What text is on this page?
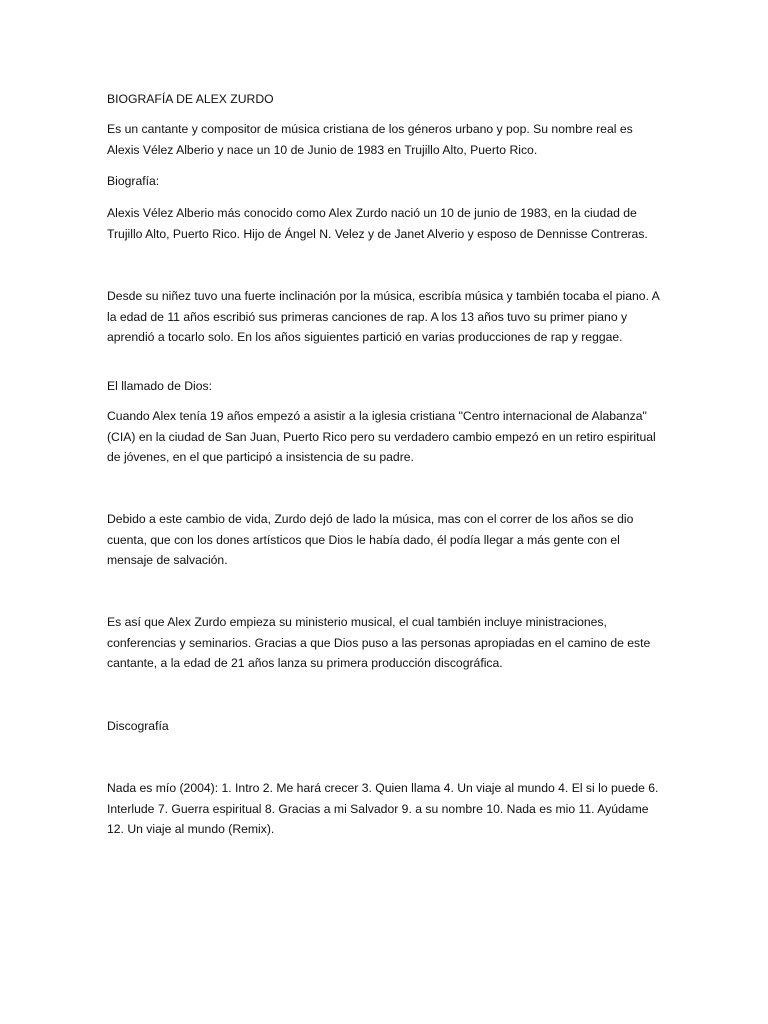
BIOGRAFÍA DE ALEX ZURDO

Es un cantante y compositor de música cristiana de los géneros urbano y pop. Su nombre real es Alexis Vélez Alberio y nace un 10 de Junio de 1983 en Trujillo Alto, Puerto Rico.

Biografía:

Alexis Vélez Alberio más conocido como Alex Zurdo nació un 10 de junio de 1983, en la ciudad de Trujillo Alto, Puerto Rico. Hijo de Ángel N. Velez y de Janet Alverio y esposo de Dennisse Contreras.

Desde su niñez tuvo una fuerte inclinación por la música, escribía música y también tocaba el piano. A la edad de 11 años escribió sus primeras canciones de rap. A los 13 años tuvo su primer piano y aprendió a tocarlo solo. En los años siguientes partició en varias producciones de rap y reggae.

El llamado de Dios:

Cuando Alex tenía 19 años empezó a asistir a la iglesia cristiana "Centro internacional de Alabanza" (CIA) en la ciudad de San Juan, Puerto Rico pero su verdadero cambio empezó en un retiro espiritual de jóvenes, en el que participó a insistencia de su padre.

Debido a este cambio de vida, Zurdo dejó de lado la música, mas con el correr de los años se dio cuenta, que con los dones artísticos que Dios le había dado, él podía llegar a más gente con el mensaje de salvación.

Es así que Alex Zurdo empieza su ministerio musical, el cual también incluye ministraciones, conferencias y seminarios. Gracias a que Dios puso a las personas apropiadas en el camino de este cantante, a la edad de 21 años lanza su primera producción discográfica.

Discografía

Nada es mío (2004): 1. Intro 2. Me hará crecer 3. Quien llama 4. Un viaje al mundo 4. El si lo puede 6. Interlude 7. Guerra espiritual 8. Gracias a mi Salvador 9. a su nombre 10. Nada es mio 11. Ayúdame 12. Un viaje al mundo (Remix).
